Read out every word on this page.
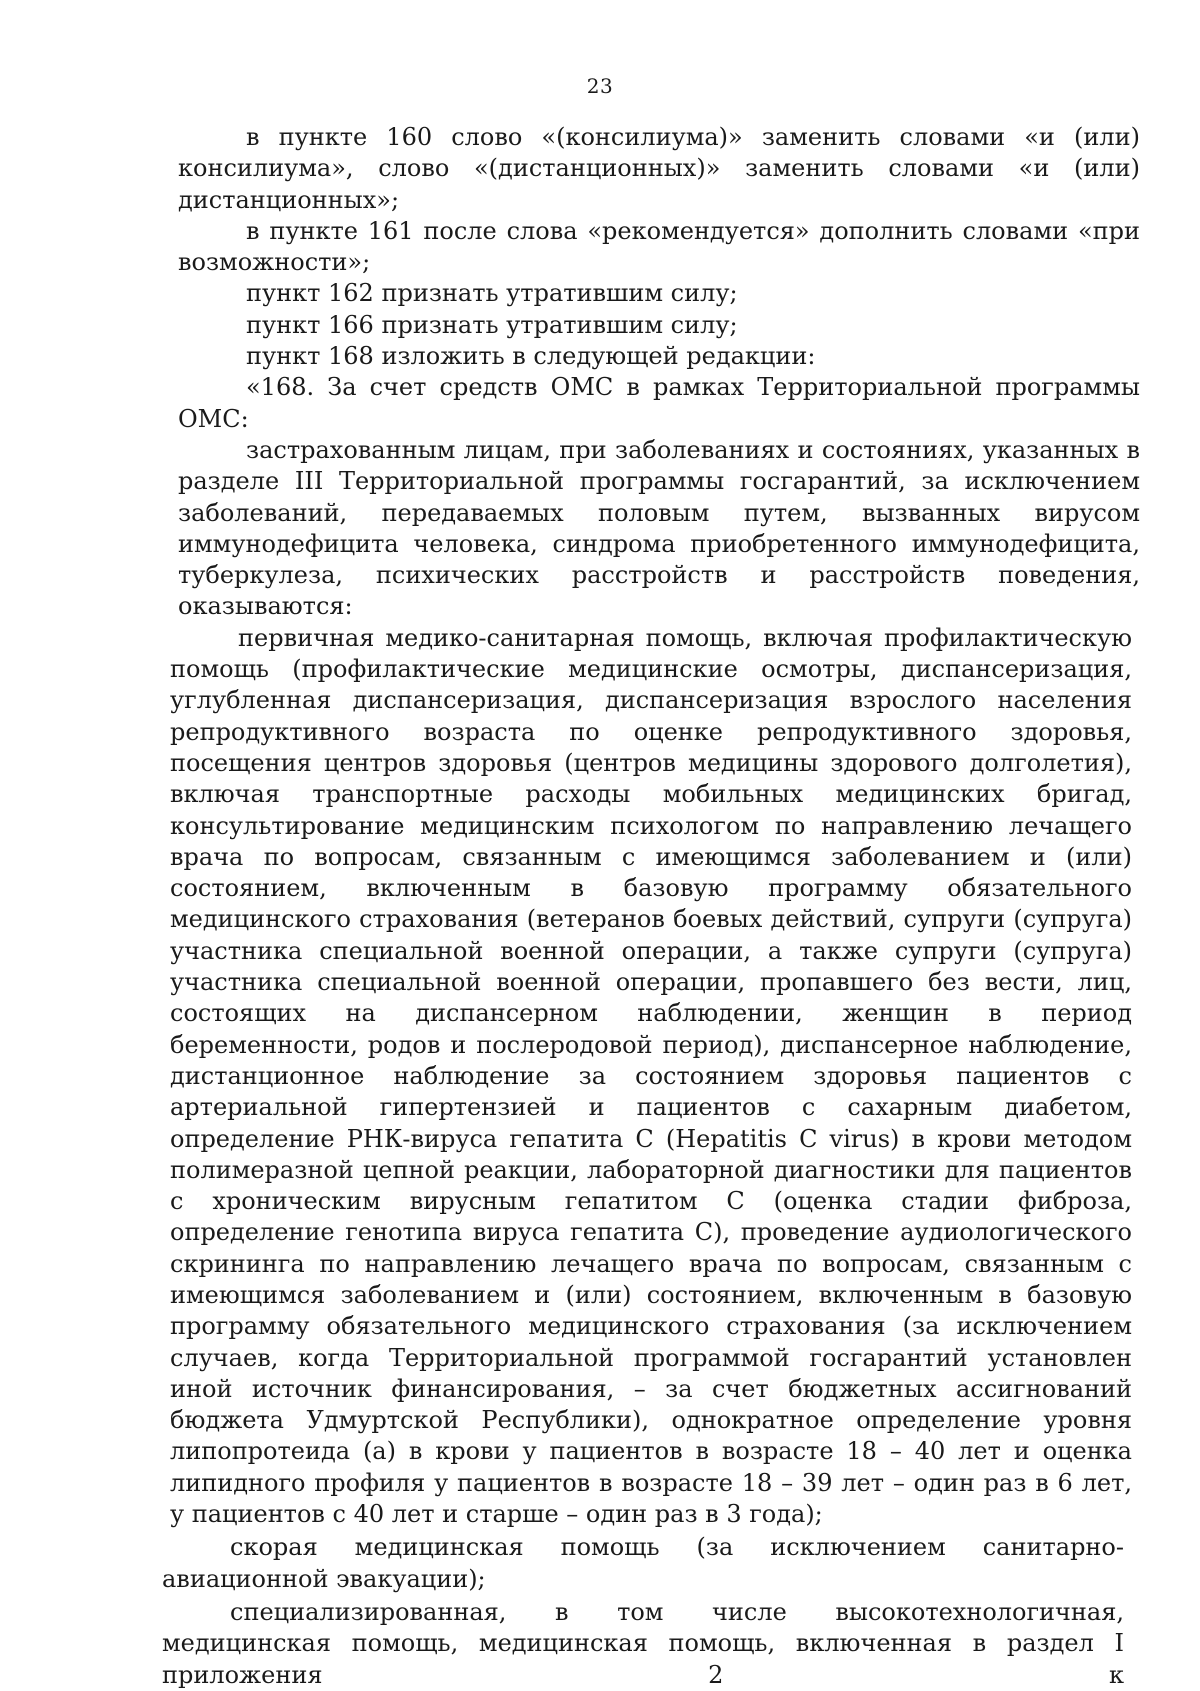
23

в пункте 160 слово «(консилиума)» заменить словами «и (или) консилиума», слово «(дистанционных)» заменить словами «и (или) дистанционных»;

в пункте 161 после слова «рекомендуется» дополнить словами «при возможности»;

пункт 162 признать утратившим силу;

пункт 166 признать утратившим силу;

пункт 168 изложить в следующей редакции:

«168. За счет средств ОМС в рамках Территориальной программы ОМС:

застрахованным лицам, при заболеваниях и состояниях, указанных в разделе III Территориальной программы госгарантий, за исключением заболеваний, передаваемых половым путем, вызванных вирусом иммунодефицита человека, синдрома приобретенного иммунодефицита, туберкулеза, психических расстройств и расстройств поведения, оказываются:

первичная медико-санитарная помощь, включая профилактическую помощь (профилактические медицинские осмотры, диспансеризация, углубленная диспансеризация, диспансеризация взрослого населения репродуктивного возраста по оценке репродуктивного здоровья, посещения центров здоровья (центров медицины здорового долголетия), включая транспортные расходы мобильных медицинских бригад, консультирование медицинским психологом по направлению лечащего врача по вопросам, связанным с имеющимся заболеванием и (или) состоянием, включенным в базовую программу обязательного медицинского страхования (ветеранов боевых действий, супруги (супруга) участника специальной военной операции, а также супруги (супруга) участника специальной военной операции, пропавшего без вести, лиц, состоящих на диспансерном наблюдении, женщин в период беременности, родов и послеродовой период), диспансерное наблюдение, дистанционное наблюдение за состоянием здоровья пациентов с артериальной гипертензией и пациентов с сахарным диабетом, определение РНК-вируса гепатита С (Hepatitis C virus) в крови методом полимеразной цепной реакции, лабораторной диагностики для пациентов с хроническим вирусным гепатитом С (оценка стадии фиброза, определение генотипа вируса гепатита С), проведение аудиологического скрининга по направлению лечащего врача по вопросам, связанным с имеющимся заболеванием и (или) состоянием, включенным в базовую программу обязательного медицинского страхования (за исключением случаев, когда Территориальной программой госгарантий установлен иной источник финансирования, – за счет бюджетных ассигнований бюджета Удмуртской Республики), однократное определение уровня липопротеида (а) в крови у пациентов в возрасте 18 – 40 лет и оценка липидного профиля у пациентов в возрасте 18 – 39 лет – один раз в 6 лет, у пациентов с 40 лет и старше – один раз в 3 года);

скорая медицинская помощь (за исключением санитарно-авиационной эвакуации);

специализированная, в том числе высокотехнологичная, медицинская помощь, медицинская помощь, включенная в раздел I приложения 2 к
